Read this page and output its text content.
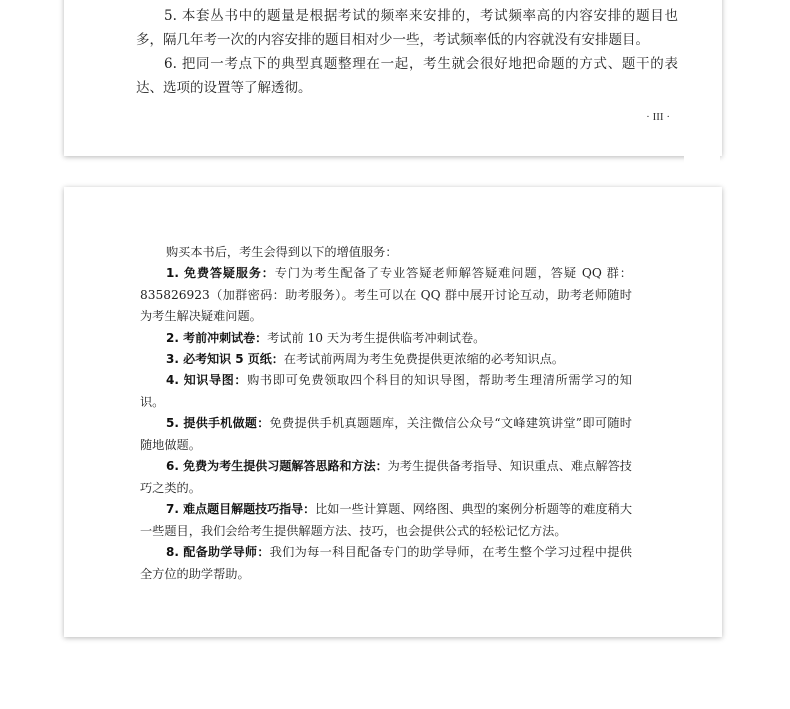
5. 本套丛书中的题量是根据考试的频率来安排的，考试频率高的内容安排的题目也多，隔几年考一次的内容安排的题目相对少一些，考试频率低的内容就没有安排题目。

6. 把同一考点下的典型真题整理在一起，考生就会很好地把命题的方式、题干的表达、选项的设置等了解透彻。

· III ·

购买本书后，考生会得到以下的增值服务：

1. 免费答疑服务：专门为考生配备了专业答疑老师解答疑难问题，答疑 QQ 群：835826923（加群密码：助考服务）。考生可以在 QQ 群中展开讨论互动，助考老师随时为考生解决疑难问题。

2. 考前冲刺试卷：考试前 10 天为考生提供临考冲刺试卷。

3. 必考知识 5 页纸：在考试前两周为考生免费提供更浓缩的必考知识点。

4. 知识导图：购书即可免费领取四个科目的知识导图，帮助考生理清所需学习的知识。

5. 提供手机做题：免费提供手机真题题库，关注微信公众号“文峰建筑讲堂”即可随时随地做题。

6. 免费为考生提供习题解答思路和方法：为考生提供备考指导、知识重点、难点解答技巧之类的。

7. 难点题目解题技巧指导：比如一些计算题、网络图、典型的案例分析题等的难度稍大一些题目，我们会给考生提供解题方法、技巧，也会提供公式的轻松记忆方法。

8. 配备助学导师：我们为每一科目配备专门的助学导师，在考生整个学习过程中提供全方位的助学帮助。
